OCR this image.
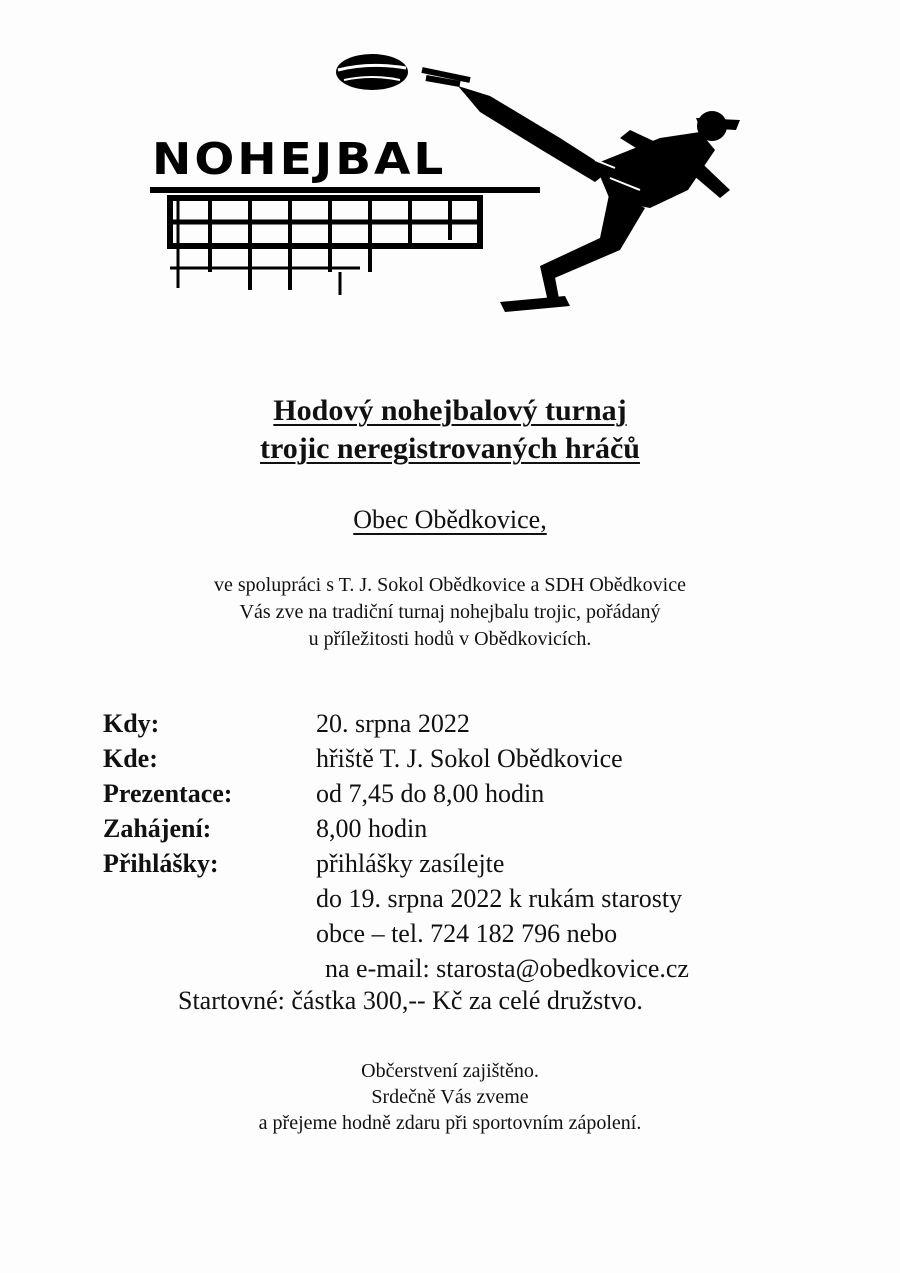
NOHEJBAL
Hodový nohejbalový turnaj
trojic neregistrovaných hráčů
Obec Obědkovice,
ve spolupráci s T. J. Sokol Obědkovice a SDH Obědkovice
Vás zve na tradiční turnaj nohejbalu trojic, pořádaný
u příležitosti hodů v Obědkovicích.
Kdy:	20. srpna 2022
Kde:	hřiště T. J. Sokol Obědkovice
Prezentace:	od 7,45 do 8,00 hodin
Zahájení:	8,00 hodin
Přihlášky:	přihlášky zasílejte
do 19. srpna 2022 k rukám starosty
obce – tel. 724 182 796 nebo
na e-mail: starosta@obedkovice.cz
Startovné: částka 300,-- Kč za celé družstvo.
Občerstvení zajištěno.
Srdečně Vás zveme
a přejeme hodně zdaru při sportovním zápolení.
